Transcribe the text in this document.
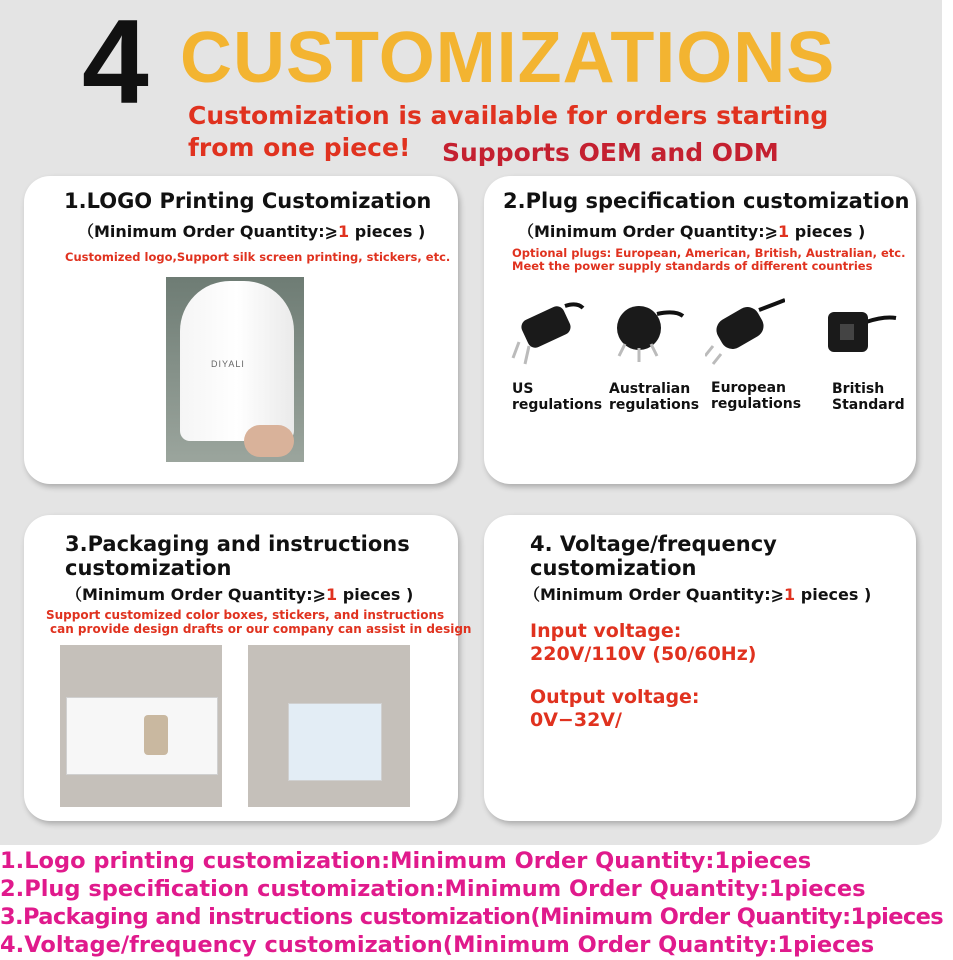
4 CUSTOMIZATIONS
Customization is available for orders starting
from one piece!	Supports OEM and ODM
1.LOGO Printing Customization
（Minimum Order Quantity:⩾1 pieces )
Customized logo,Support silk screen printing, stickers, etc.
DIYALI
2.Plug specification customization
（Minimum Order Quantity:⩾1 pieces )
Optional plugs: European, American, British, Australian, etc.
Meet the power supply standards of different countries
US
regulations
Australian
regulations
European
regulations
British
Standard
3.Packaging and instructions
customization
（Minimum Order Quantity:⩾1 pieces )
Support customized color boxes, stickers, and instructions
can provide design drafts or our company can assist in design
4. Voltage/frequency
customization
（Minimum Order Quantity:⩾1 pieces )
Input voltage:
220V/110V (50/60Hz)
Output voltage:
0V−32V/
1.Logo printing customization:Minimum Order Quantity:1pieces
2.Plug specification customization:Minimum Order Quantity:1pieces
3.Packaging and instructions customization(Minimum Order Quantity:1pieces
4.Voltage/frequency customization(Minimum Order Quantity:1pieces
